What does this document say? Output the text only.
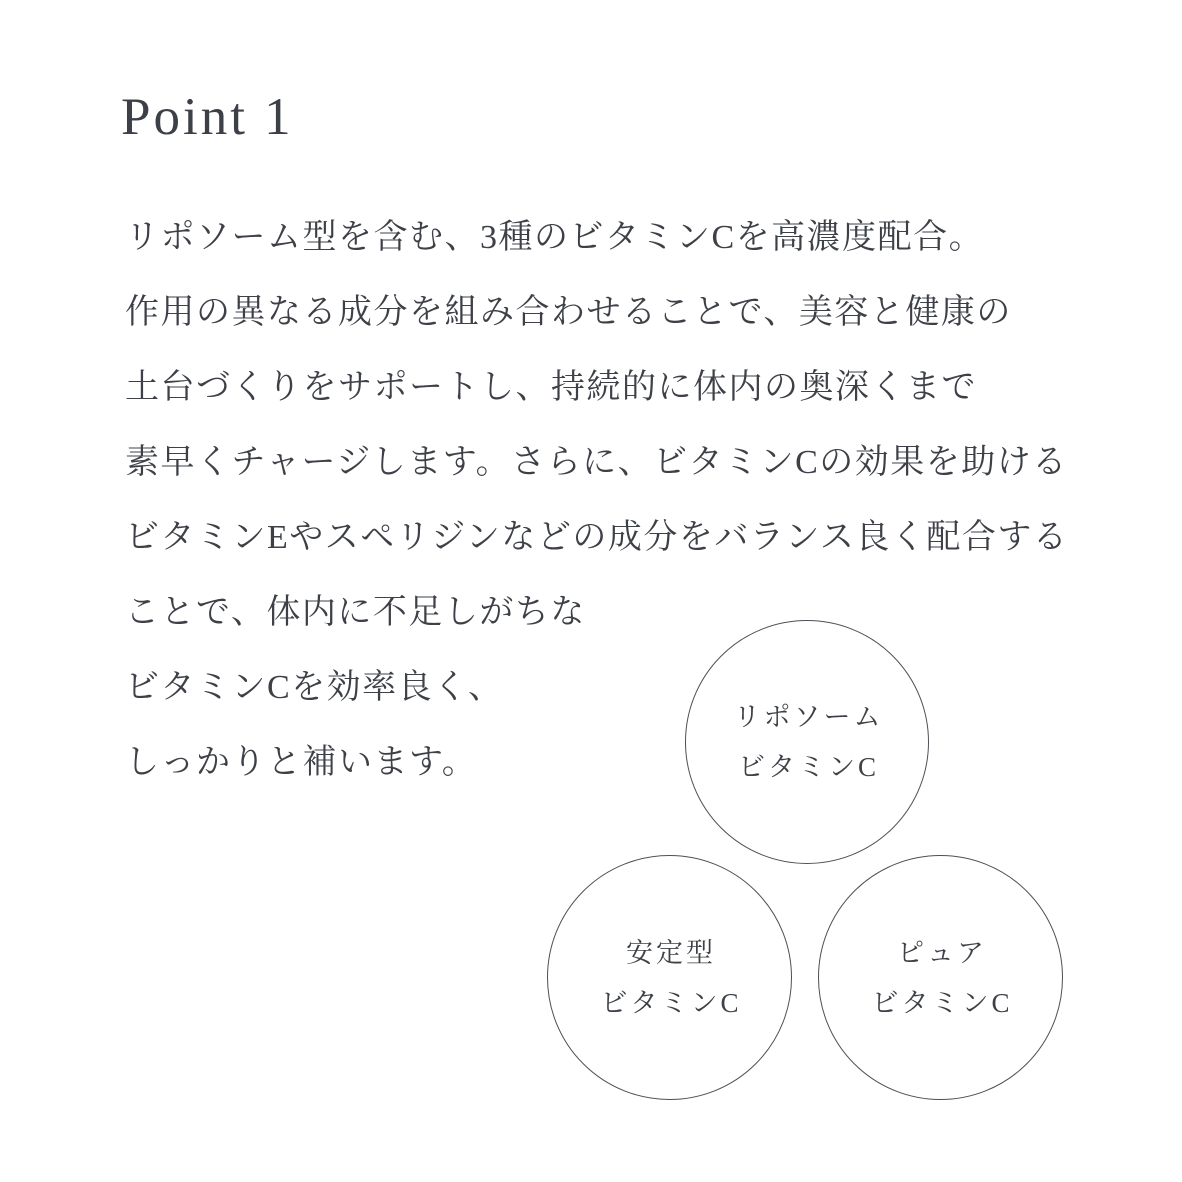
Point 1
リポソーム型を含む、3種のビタミンCを高濃度配合。
作用の異なる成分を組み合わせることで、美容と健康の
土台づくりをサポートし、持続的に体内の奥深くまで
素早くチャージします。さらに、ビタミンCの効果を助ける
ビタミンEやスペリジンなどの成分をバランス良く配合する
ことで、体内に不足しがちな
ビタミンCを効率良く、
しっかりと補います。
リポソーム
ビタミンC
安定型
ビタミンC
ピュア
ビタミンC
